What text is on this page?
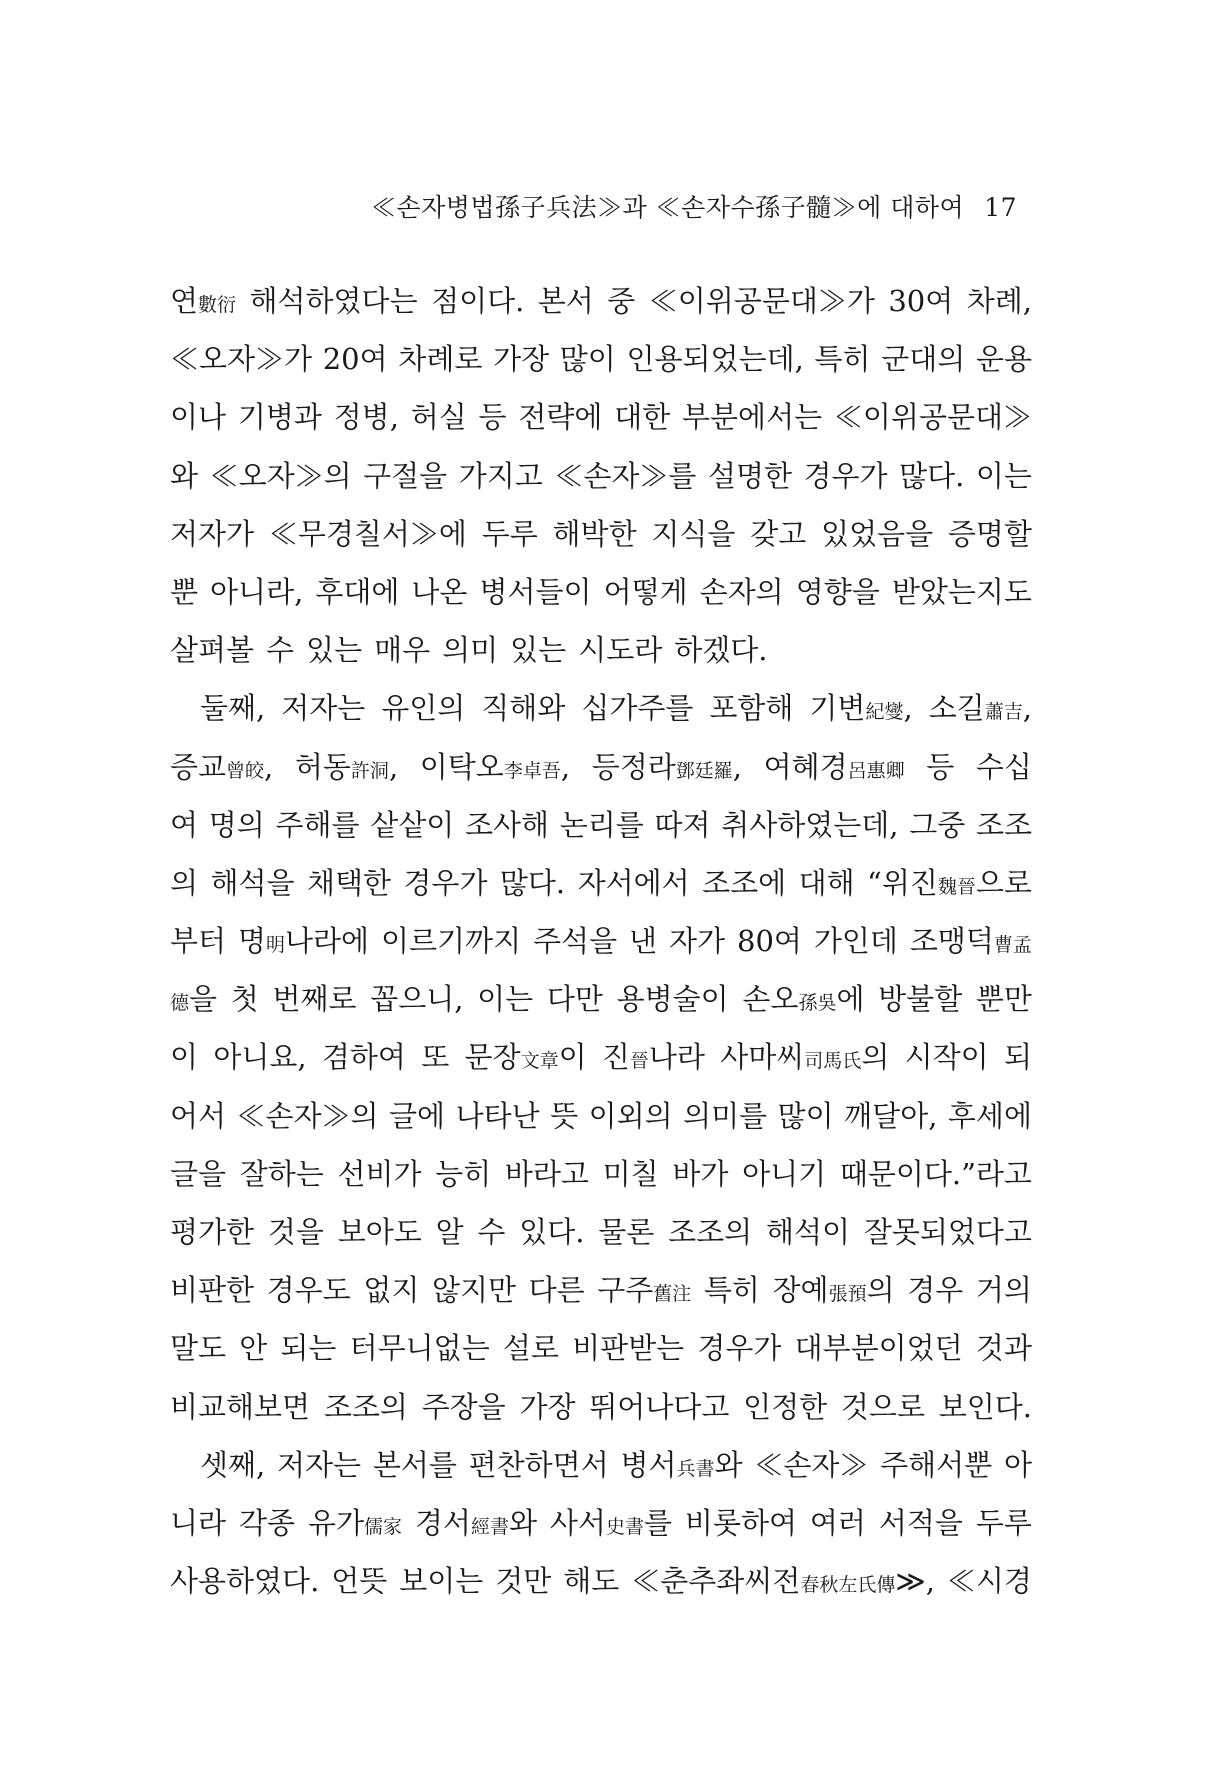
≪손자병법孫子兵法≫과 ≪손자수孫子髓≫에 대하여 17
연數衍 해석하였다는 점이다. 본서 중 ≪이위공문대≫가 30여 차례,
≪오자≫가 20여 차례로 가장 많이 인용되었는데, 특히 군대의 운용
이나 기병과 정병, 허실 등 전략에 대한 부분에서는 ≪이위공문대≫
와 ≪오자≫의 구절을 가지고 ≪손자≫를 설명한 경우가 많다. 이는
저자가 ≪무경칠서≫에 두루 해박한 지식을 갖고 있었음을 증명할
뿐 아니라, 후대에 나온 병서들이 어떻게 손자의 영향을 받았는지도
살펴볼 수 있는 매우 의미 있는 시도라 하겠다.
둘째, 저자는 유인의 직해와 십가주를 포함해 기변紀燮, 소길蕭吉,
증교曾皎, 허동許洞, 이탁오李卓吾, 등정라鄧廷羅, 여혜경呂惠卿 등 수십
여 명의 주해를 샅샅이 조사해 논리를 따져 취사하였는데, 그중 조조
의 해석을 채택한 경우가 많다. 자서에서 조조에 대해 “위진魏晉으로
부터 명明나라에 이르기까지 주석을 낸 자가 80여 가인데 조맹덕曹孟
德을 첫 번째로 꼽으니, 이는 다만 용병술이 손오孫吳에 방불할 뿐만
이 아니요, 겸하여 또 문장文章이 진晉나라 사마씨司馬氏의 시작이 되
어서 ≪손자≫의 글에 나타난 뜻 이외의 의미를 많이 깨달아, 후세에
글을 잘하는 선비가 능히 바라고 미칠 바가 아니기 때문이다.”라고
평가한 것을 보아도 알 수 있다. 물론 조조의 해석이 잘못되었다고
비판한 경우도 없지 않지만 다른 구주舊注 특히 장예張預의 경우 거의
말도 안 되는 터무니없는 설로 비판받는 경우가 대부분이었던 것과
비교해보면 조조의 주장을 가장 뛰어나다고 인정한 것으로 보인다.
셋째, 저자는 본서를 편찬하면서 병서兵書와 ≪손자≫ 주해서뿐 아
니라 각종 유가儒家 경서經書와 사서史書를 비롯하여 여러 서적을 두루
사용하였다. 언뜻 보이는 것만 해도 ≪춘추좌씨전春秋左氏傳≫, ≪시경
